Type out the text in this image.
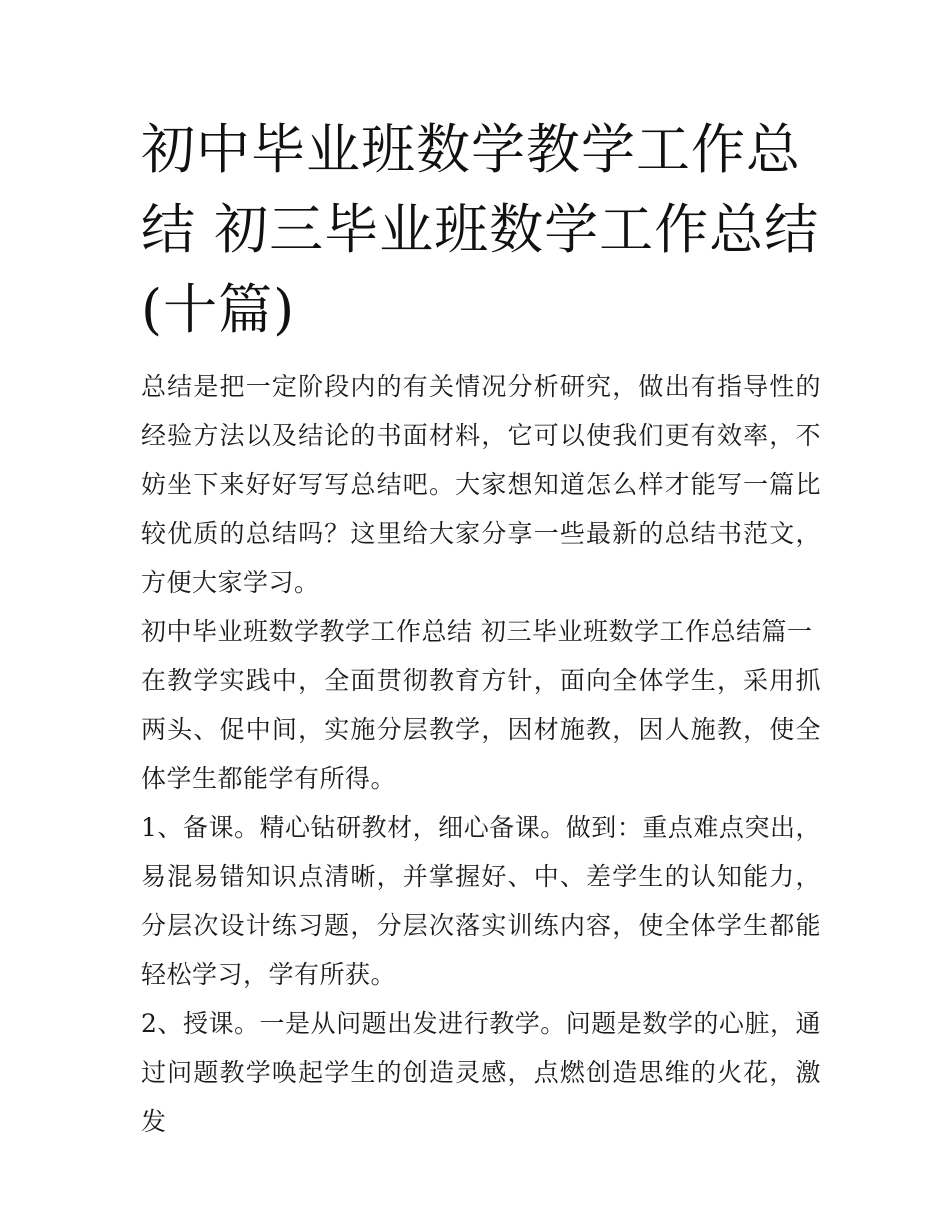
初中毕业班数学教学工作总结 初三毕业班数学工作总结(十篇)

总结是把一定阶段内的有关情况分析研究，做出有指导性的经验方法以及结论的书面材料，它可以使我们更有效率，不妨坐下来好好写写总结吧。大家想知道怎么样才能写一篇比较优质的总结吗？这里给大家分享一些最新的总结书范文，方便大家学习。

初中毕业班数学教学工作总结 初三毕业班数学工作总结篇一

在教学实践中，全面贯彻教育方针，面向全体学生，采用抓两头、促中间，实施分层教学，因材施教，因人施教，使全体学生都能学有所得。

1、备课。精心钻研教材，细心备课。做到：重点难点突出，易混易错知识点清晰，并掌握好、中、差学生的认知能力，分层次设计练习题，分层次落实训练内容，使全体学生都能轻松学习，学有所获。

2、授课。一是从问题出发进行教学。问题是数学的心脏，通过问题教学唤起学生的创造灵感，点燃创造思维的火花，激发
